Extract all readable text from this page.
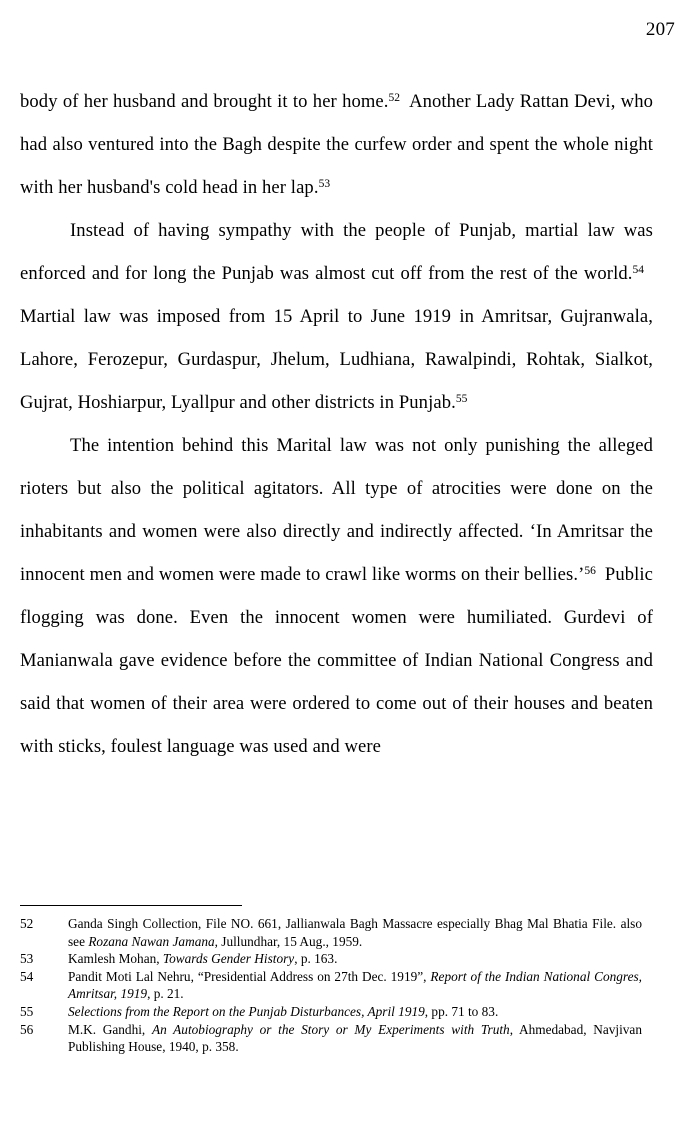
207

body of her husband and brought it to her home.$^{52}$ Another Lady Rattan Devi, who had also ventured into the Bagh despite the curfew order and spent the whole night with her husband's cold head in her lap.$^{53}$

Instead of having sympathy with the people of Punjab, martial law was enforced and for long the Punjab was almost cut off from the rest of the world.$^{54}$Martial law was imposed from 15 April to June 1919 in Amritsar, Gujranwala, Lahore, Ferozepur, Gurdaspur, Jhelum, Ludhiana, Rawalpindi, Rohtak, Sialkot, Gujrat, Hoshiarpur, Lyallpur and other districts in Punjab.$^{55}$

The intention behind this Marital law was not only punishing the alleged rioters but also the political agitators. All type of atrocities were done on the inhabitants and women were also directly and indirectly affected. ‘In Amritsar the innocent men and women were made to crawl like worms on their bellies.’$^{56}$ Public flogging was done. Even the innocent women were humiliated. Gurdevi of Manianwala gave evidence before the committee of Indian National Congress and said that women of their area were ordered to come out of their houses and beaten with sticks, foulest language was used and were

52	Ganda Singh Collection, File NO. 661, Jallianwala Bagh Massacre especially Bhag Mal Bhatia File. also see Rozana Nawan Jamana, Jullundhar, 15 Aug., 1959.
53	Kamlesh Mohan, Towards Gender History, p. 163.
54	Pandit Moti Lal Nehru, “Presidential Address on 27th Dec. 1919”, Report of the Indian National Congres, Amritsar, 1919, p. 21.
55	Selections from the Report on the Punjab Disturbances, April 1919, pp. 71 to 83.
56	M.K. Gandhi, An Autobiography or the Story or My Experiments with Truth, Ahmedabad, Navjivan Publishing House, 1940, p. 358.
